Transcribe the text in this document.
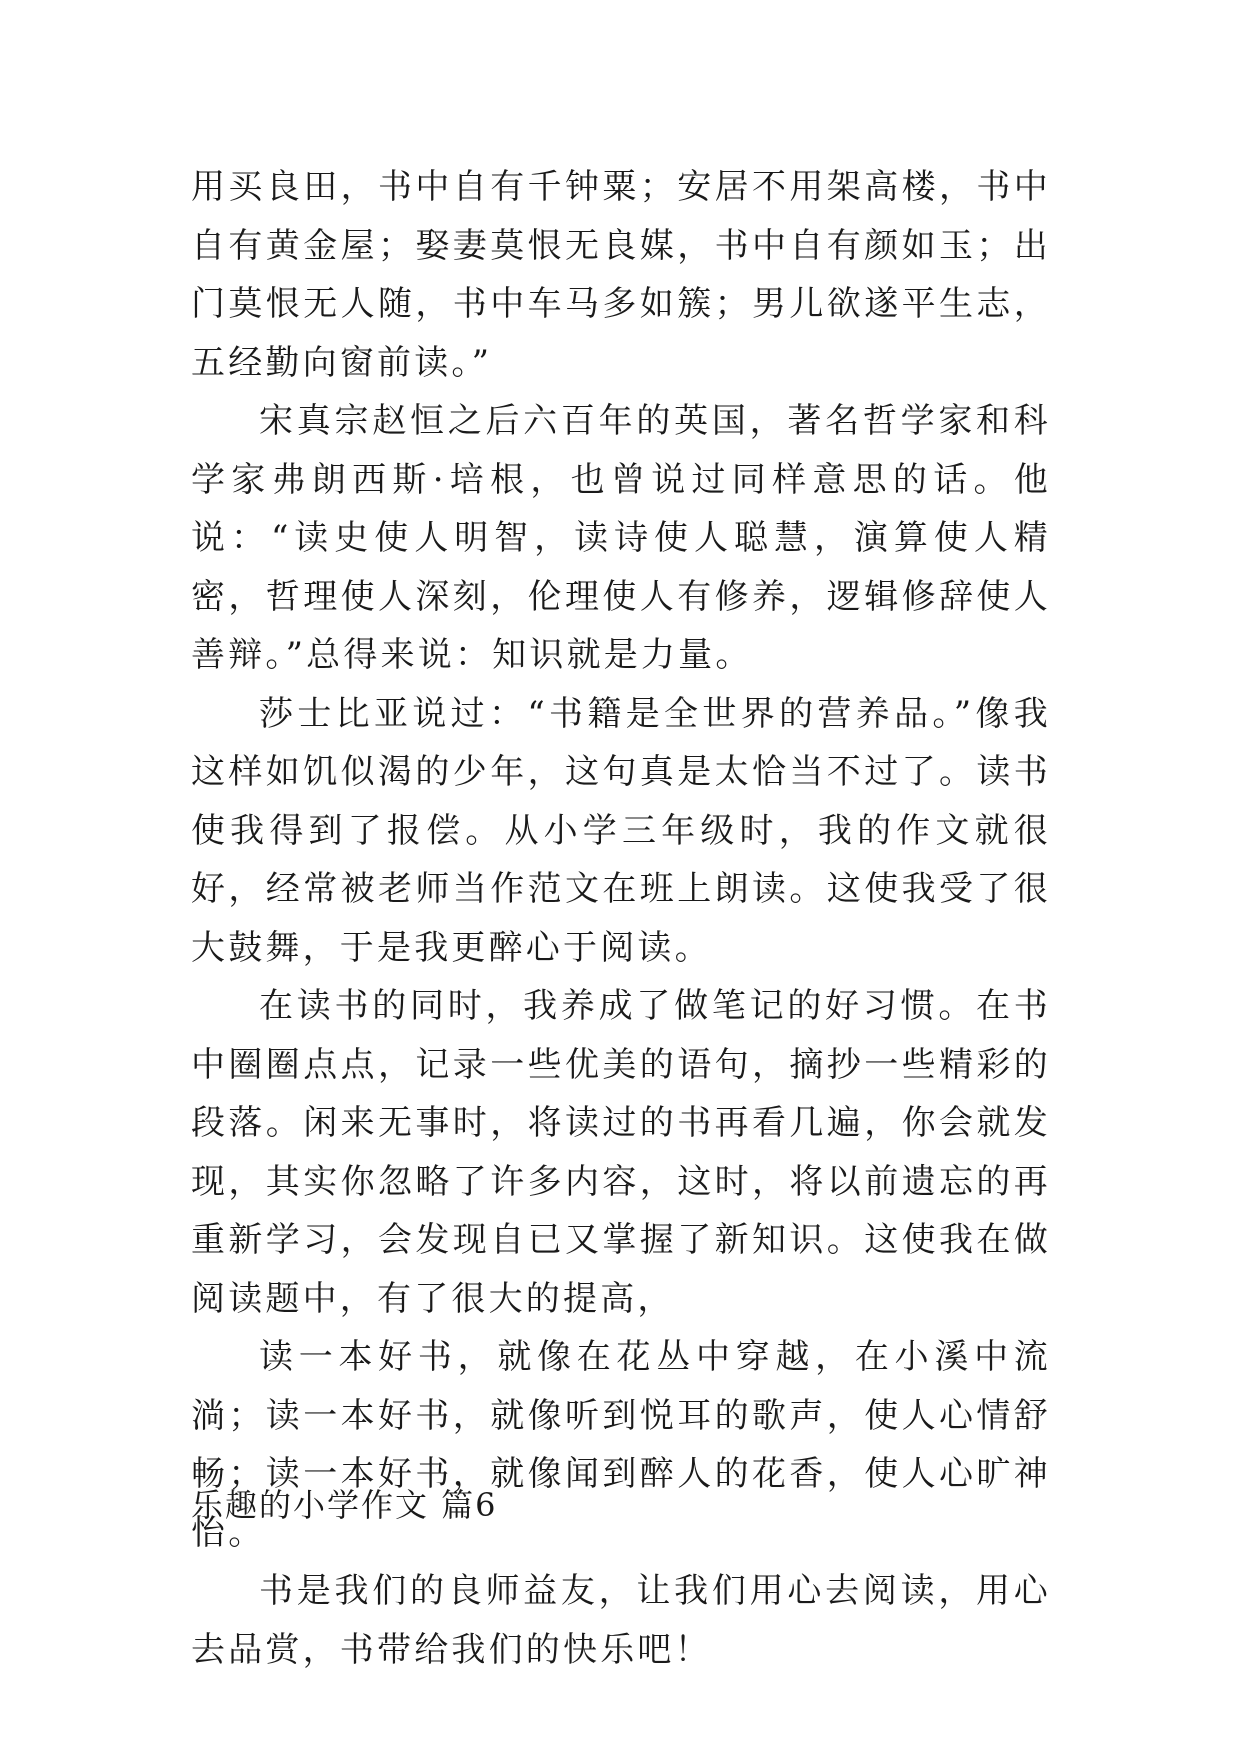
用买良田，书中自有千钟粟；安居不用架高楼，书中自有黄金屋；娶妻莫恨无良媒，书中自有颜如玉；出门莫恨无人随，书中车马多如簇；男儿欲遂平生志，五经勤向窗前读。”

宋真宗赵恒之后六百年的英国，著名哲学家和科学家弗朗西斯·培根，也曾说过同样意思的话。他说：“读史使人明智，读诗使人聪慧，演算使人精密，哲理使人深刻，伦理使人有修养，逻辑修辞使人善辩。”总得来说：知识就是力量。

莎士比亚说过：“书籍是全世界的营养品。”像我这样如饥似渴的少年，这句真是太恰当不过了。读书使我得到了报偿。从小学三年级时，我的作文就很好，经常被老师当作范文在班上朗读。这使我受了很大鼓舞，于是我更醉心于阅读。

在读书的同时，我养成了做笔记的好习惯。在书中圈圈点点，记录一些优美的语句，摘抄一些精彩的段落。闲来无事时，将读过的书再看几遍，你会就发现，其实你忽略了许多内容，这时，将以前遗忘的再重新学习，会发现自已又掌握了新知识。这使我在做阅读题中，有了很大的提高，

读一本好书，就像在花丛中穿越，在小溪中流淌；读一本好书，就像听到悦耳的歌声，使人心情舒畅；读一本好书，就像闻到醉人的花香，使人心旷神怡。

书是我们的良师益友，让我们用心去阅读，用心去品赏，书带给我们的快乐吧！

乐趣的小学作文 篇6
